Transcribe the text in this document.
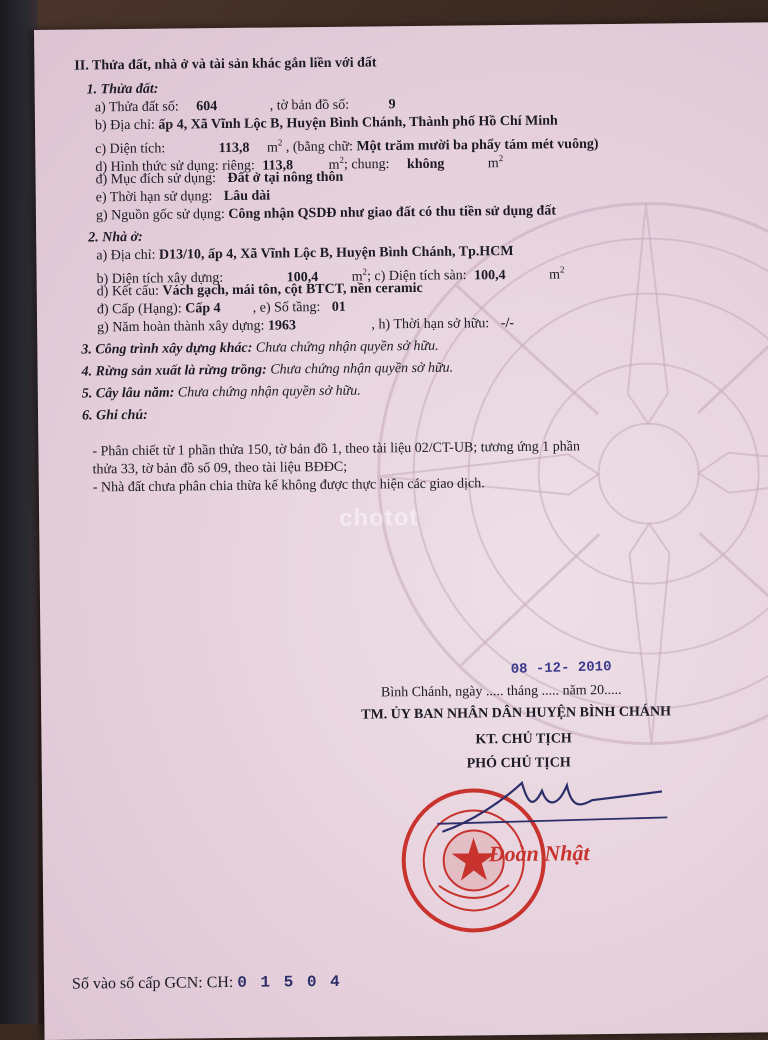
II. Thửa đất, nhà ở và tài sản khác gắn liền với đất
1. Thửa đất:
a) Thửa đất số: 604	, tờ bản đồ số:	9
b) Địa chỉ: ấp 4, Xã Vĩnh Lộc B, Huyện Bình Chánh, Thành phố Hồ Chí Minh
c) Diện tích:	113,8 $m^2$ , (bằng chữ: Một trăm mười ba phẩy tám mét vuông)
d) Hình thức sử dụng: riêng: 113,8	$m^2$; chung: không	$m^2$
đ) Mục đích sử dụng: Đất ở tại nông thôn
e) Thời hạn sử dụng: Lâu dài
g) Nguồn gốc sử dụng: Công nhận QSDĐ như giao đất có thu tiền sử dụng đất
2. Nhà ở:
a) Địa chỉ: D13/10, ấp 4, Xã Vĩnh Lộc B, Huyện Bình Chánh, Tp.HCM
b) Diện tích xây dựng:	100,4 $m^2$; c) Diện tích sàn: 100,4	$m^2$
d) Kết cấu: Vách gạch, mái tôn, cột BTCT, nền ceramic
đ) Cấp (Hạng): Cấp 4 , e) Số tầng: 01
g) Năm hoàn thành xây dựng: 1963	, h) Thời hạn sở hữu: -/-
3. Công trình xây dựng khác: Chưa chứng nhận quyền sở hữu.
4. Rừng sản xuất là rừng trồng: Chưa chứng nhận quyền sở hữu.
5. Cây lâu năm: Chưa chứng nhận quyền sở hữu.
6. Ghi chú:
- Phân chiết từ 1 phần thửa 150, tờ bản đồ 1, theo tài liệu 02/CT-UB; tương ứng 1 phần
thửa 33, tờ bản đồ số 09, theo tài liệu BĐĐC;
- Nhà đất chưa phân chia thừa kế không được thực hiện các giao dịch.
chotot
08 -12- 2010
Bình Chánh, ngày ..... tháng ..... năm 20.....
TM. ỦY BAN NHÂN DÂN HUYỆN BÌNH CHÁNH
KT. CHỦ TỊCH
PHÓ CHỦ TỊCH
Đoàn Nhật
Số vào sổ cấp GCN: CH: 0 1 5 0 4
